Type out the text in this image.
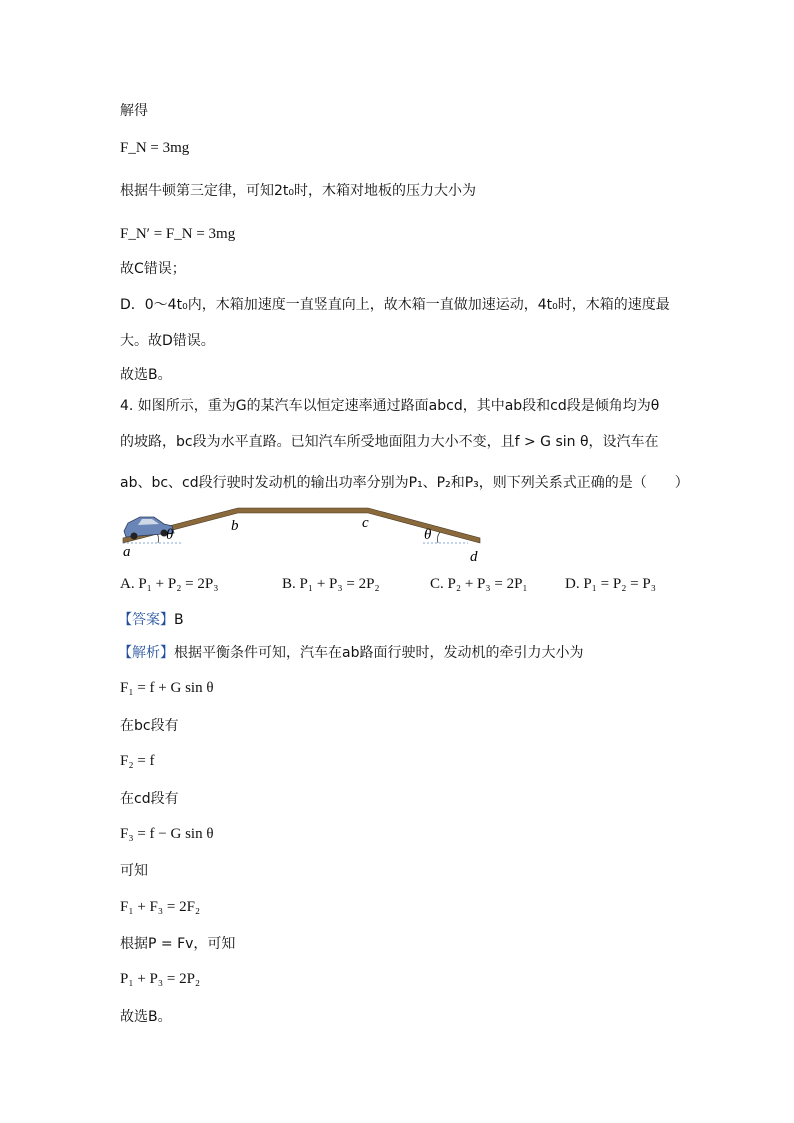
解得
F_N = 3mg
根据牛顿第三定律，可知2t₀时，木箱对地板的压力大小为
F_N′ = F_N = 3mg
故C错误；
D．0～4t₀内，木箱加速度一直竖直向上，故木箱一直做加速运动，4t₀时，木箱的速度最
大。故D错误。
故选B。
4. 如图所示，重为G的某汽车以恒定速率通过路面abcd，其中ab段和cd段是倾角均为θ
的坡路，bc段为水平直路。已知汽车所受地面阻力大小不变，且f > G sin θ，设汽车在
ab、bc、cd段行驶时发动机的输出功率分别为P₁、P₂和P₃，则下列关系式正确的是（　　）
a
b	c
d
θ	θ
A. P₁ + P₂ = 2P₃	B. P₁ + P₃ = 2P₂	C. P₂ + P₃ = 2P₁ D. P₁ = P₂ = P₃
【答案】B
【解析】根据平衡条件可知，汽车在ab路面行驶时，发动机的牵引力大小为
F₁ = f + G sin θ
在bc段有
F₂ = f
在cd段有
F₃ = f − G sin θ
可知
F₁ + F₃ = 2F₂
根据P = Fv，可知
P₁ + P₃ = 2P₂
故选B。
